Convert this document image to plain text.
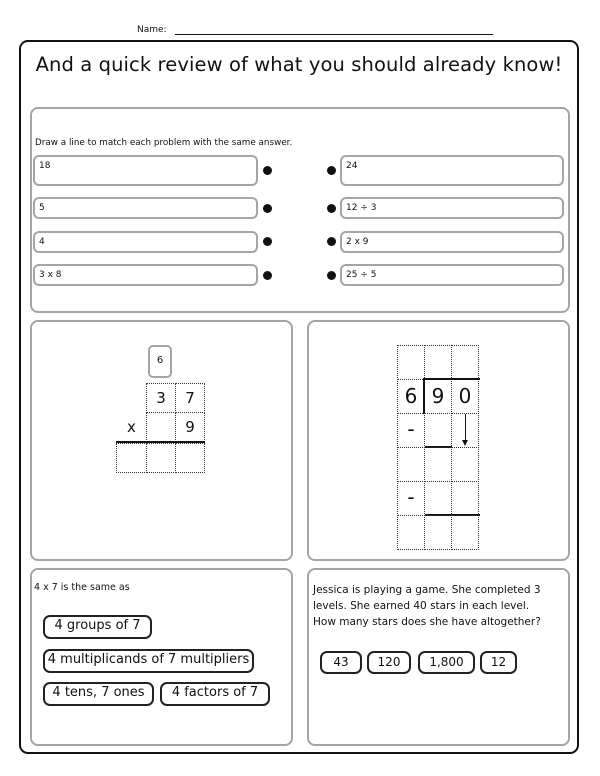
Name:
And a quick review of what you should already know!
Draw a line to match each problem with the same answer.
18
5
4
3 x 8
24
12 ÷ 3
2 x 9
25 ÷ 5
6
3	7
x	9
6 9 0
-
-
4 x 7 is the same as
4 groups of 7
4 multiplicands of 7 multipliers
4 tens, 7 ones	4 factors of 7
Jessica is playing a game. She completed 3
levels. She earned 40 stars in each level.
How many stars does she have altogether?
43	120	1,800	12
